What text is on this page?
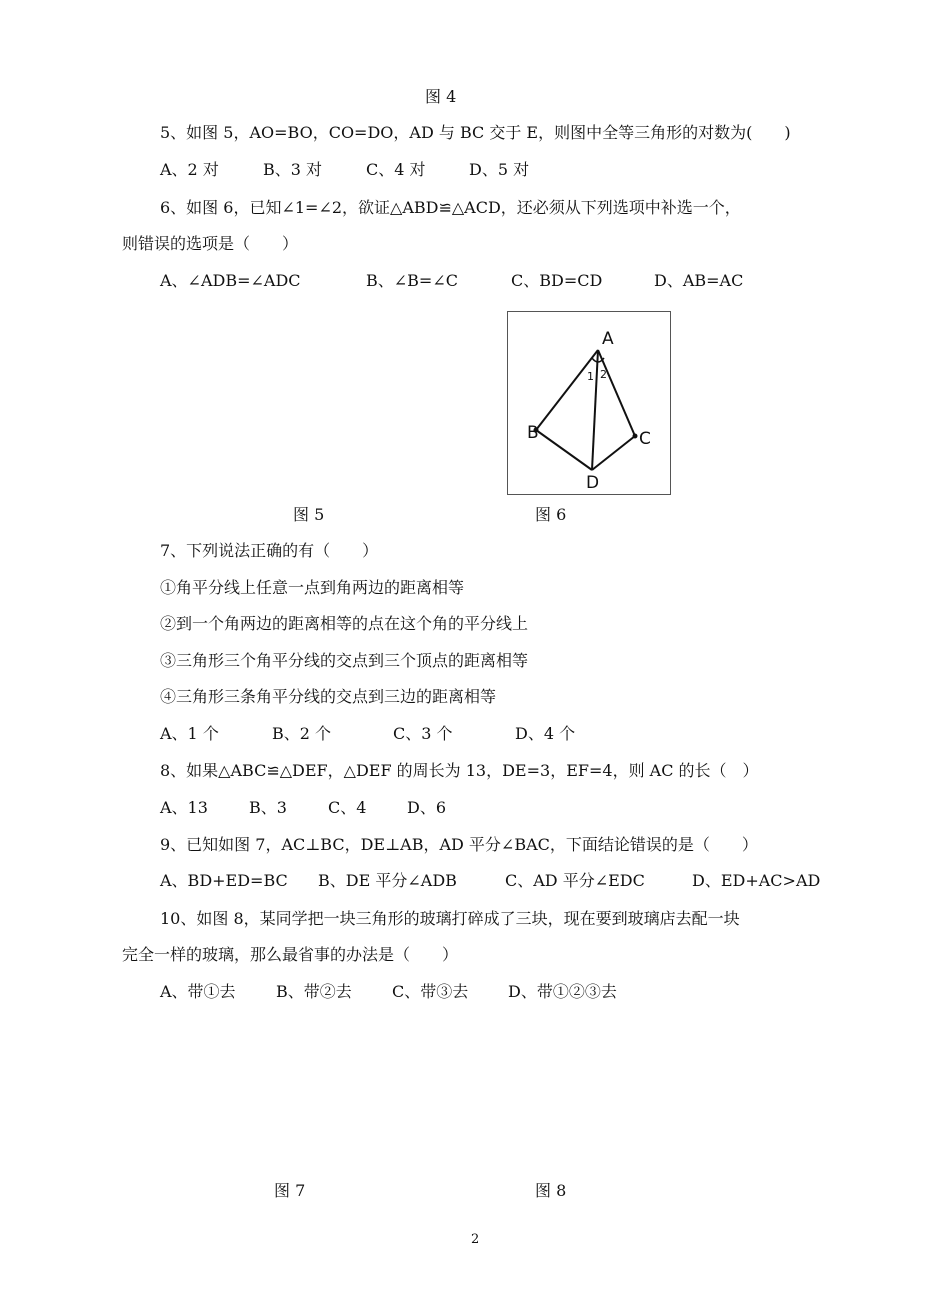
图 4
5、如图 5，AO=BO，CO=DO，AD 与 BC 交于 E，则图中全等三角形的对数为(　　)
A、2 对	B、3 对	C、4 对	D、5 对
6、如图 6，已知∠1=∠2，欲证△ABD≌△ACD，还必须从下列选项中补选一个，
则错误的选项是（　　）
A、∠ADB=∠ADC	B、∠B=∠C	C、BD=CD	D、AB=AC
A
B	C
D
1 2
图 5	图 6
7、下列说法正确的有（　　）
①角平分线上任意一点到角两边的距离相等
②到一个角两边的距离相等的点在这个角的平分线上
③三角形三个角平分线的交点到三个顶点的距离相等
④三角形三条角平分线的交点到三边的距离相等
A、1 个	B、2 个	C、3 个	D、4 个
8、如果△ABC≌△DEF，△DEF 的周长为 13，DE=3，EF=4，则 AC 的长（　）
A、13	B、3	C、4	D、6
9、已知如图 7，AC⊥BC，DE⊥AB，AD 平分∠BAC，下面结论错误的是（　　）
A、BD+ED=BC B、DE 平分∠ADB	C、AD 平分∠EDC	D、ED+AC>AD
10、如图 8，某同学把一块三角形的玻璃打碎成了三块，现在要到玻璃店去配一块
完全一样的玻璃，那么最省事的办法是（　　）
A、带①去	B、带②去	C、带③去 D、带①②③去
图 7	图 8
2
